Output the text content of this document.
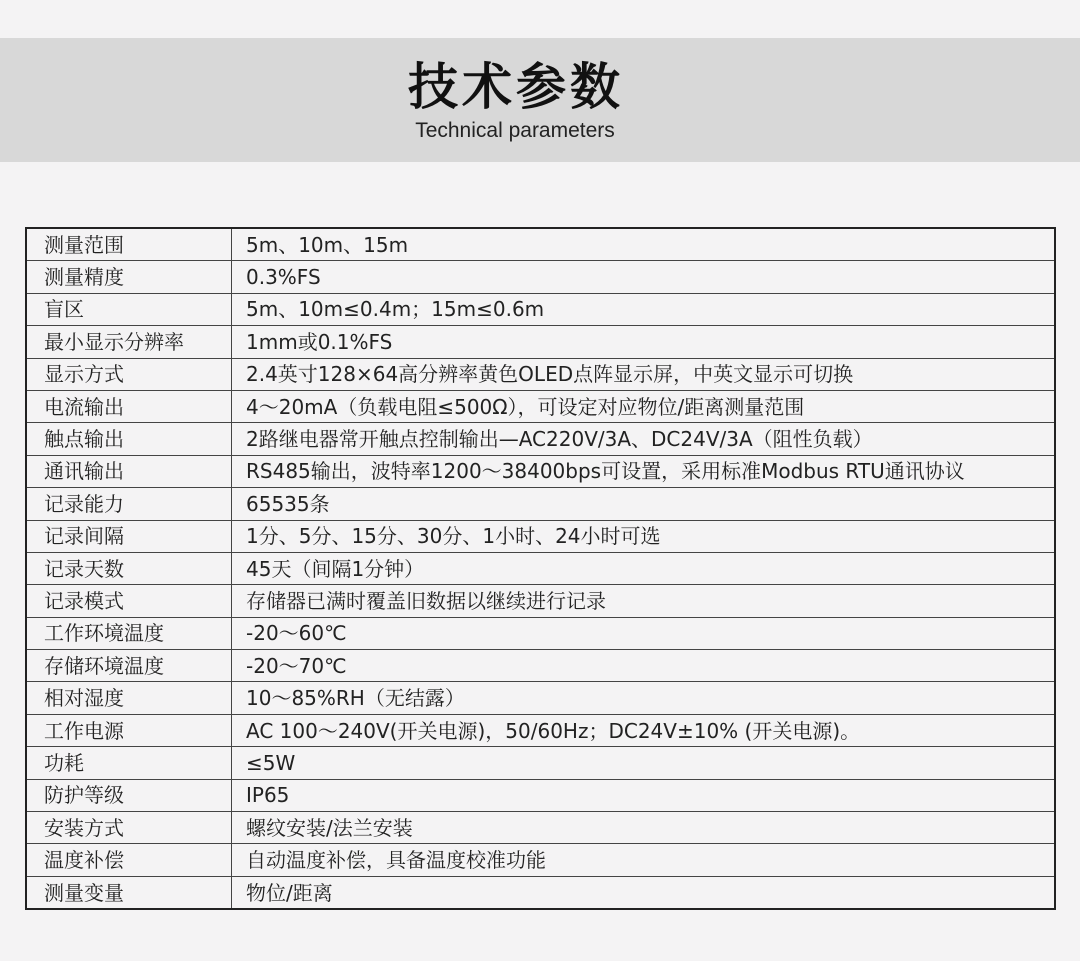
技术参数
Technical parameters
测量范围	5m、10m、15m
测量精度	0.3%FS
盲区	5m、10m≤0.4m；15m≤0.6m
最小显示分辨率	1mm或0.1%FS
显示方式	2.4英寸128×64高分辨率黄色OLED点阵显示屏，中英文显示可切换
电流输出	4～20mA（负载电阻≤500Ω），可设定对应物位/距离测量范围
触点输出	2路继电器常开触点控制输出—AC220V/3A、DC24V/3A（阻性负载）
通讯输出	RS485输出，波特率1200～38400bps可设置，采用标准Modbus RTU通讯协议
记录能力	65535条
记录间隔	1分、5分、15分、30分、1小时、24小时可选
记录天数	45天（间隔1分钟）
记录模式	存储器已满时覆盖旧数据以继续进行记录
工作环境温度	-20～60℃
存储环境温度	-20～70℃
相对湿度	10～85%RH（无结露）
工作电源	AC 100～240V(开关电源)，50/60Hz；DC24V±10% (开关电源)。
功耗	≤5W
防护等级	IP65
安装方式	螺纹安装/法兰安装
温度补偿	自动温度补偿，具备温度校准功能
测量变量	物位/距离
